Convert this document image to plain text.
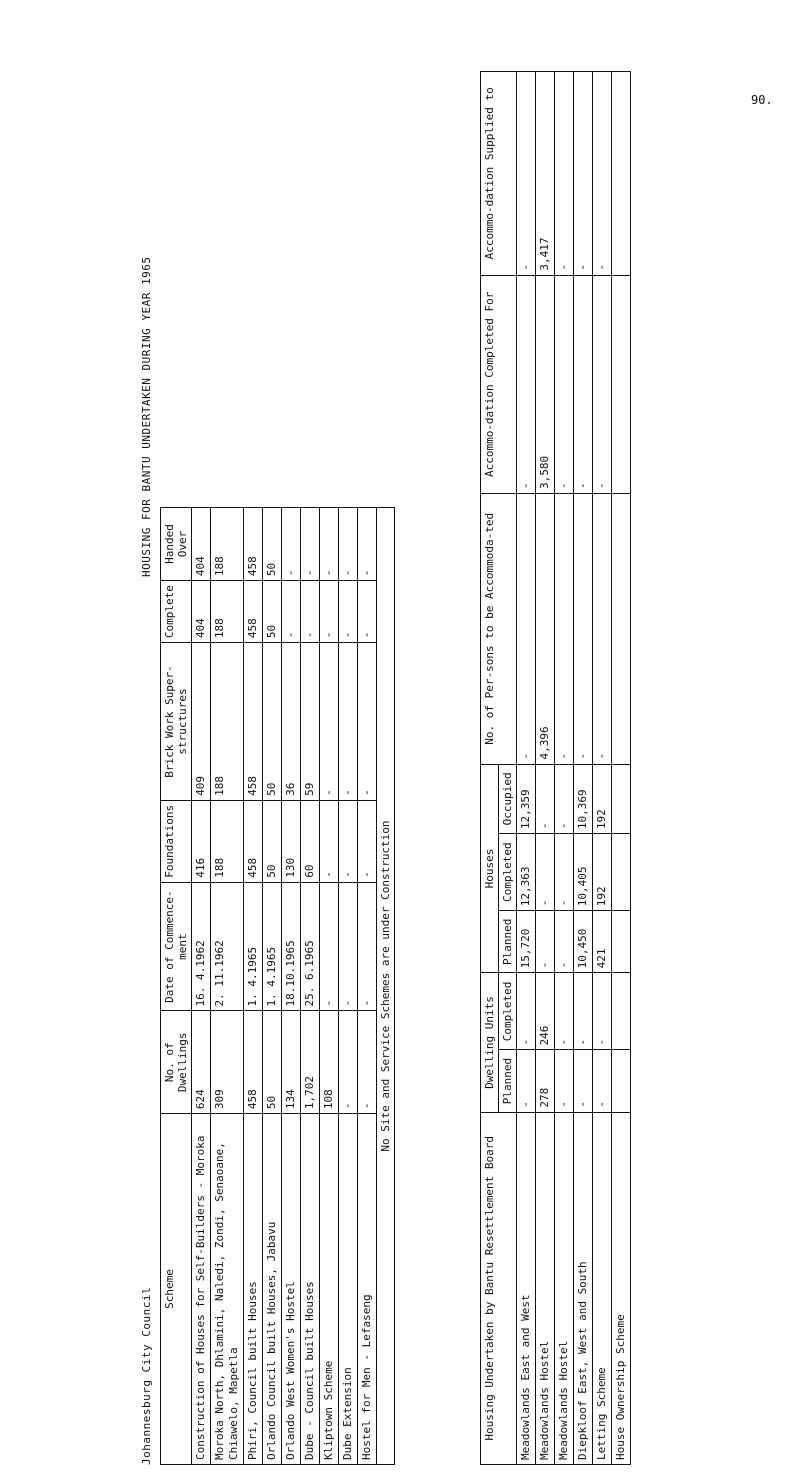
90.
Johannesburg City Council
HOUSING FOR BANTU UNDERTAKEN DURING YEAR 1965
Scheme	No. of Dwellings	Date of Commence-ment	Foundations	Brick Work Super-structures	Complete	Handed Over
Construction of Houses for Self-Builders - Moroka	624	16. 4.1962	416	409	404	404
Moroka North, Dhlamini, Naledi, Zondi, Senaoane, Chiawelo, Mapetla	309	2. 11.1962	188	188	188	188
Phiri, Council built Houses	458	1. 4.1965	458	458	458	458
Orlando Council built Houses, Jabavu	50	1. 4.1965	50	50	50	50
Orlando West Women's Hostel	134	18.10.1965	130	36	-	-
Dube - Council built Houses	1,702	25. 6.1965	60	59	-	-
Kliptown Scheme	108	-	-	-	-	-
Dube Extension	-	-	-	-	-	-
Hostel for Men - Lefaseng	-	-	-	-	-	-
No Site and Service Schemes are under Construction						
Housing Undertaken by Bantu Resettlement Board	Dwelling Units		Houses			No. of Per-sons to be Accommoda-ted	Accommo-dation Completed For	Accommo-dation Supplied to
	Planned	Completed	Planned	Completed	Occupied			
Meadowlands East and West	-	-	15,720	12,363	12,359	-	-	-
Meadowlands Hostel	278	246	-	-	-	4,396	3,580	3,417
Meadowlands Hostel	-	-	-	-	-	-	-	-
Diepkloof East, West and South	-	-	10,450	10,405	10,369	-	-	-
Letting Scheme	-	-	421	192	192	-	-	-
House Ownership Scheme								
